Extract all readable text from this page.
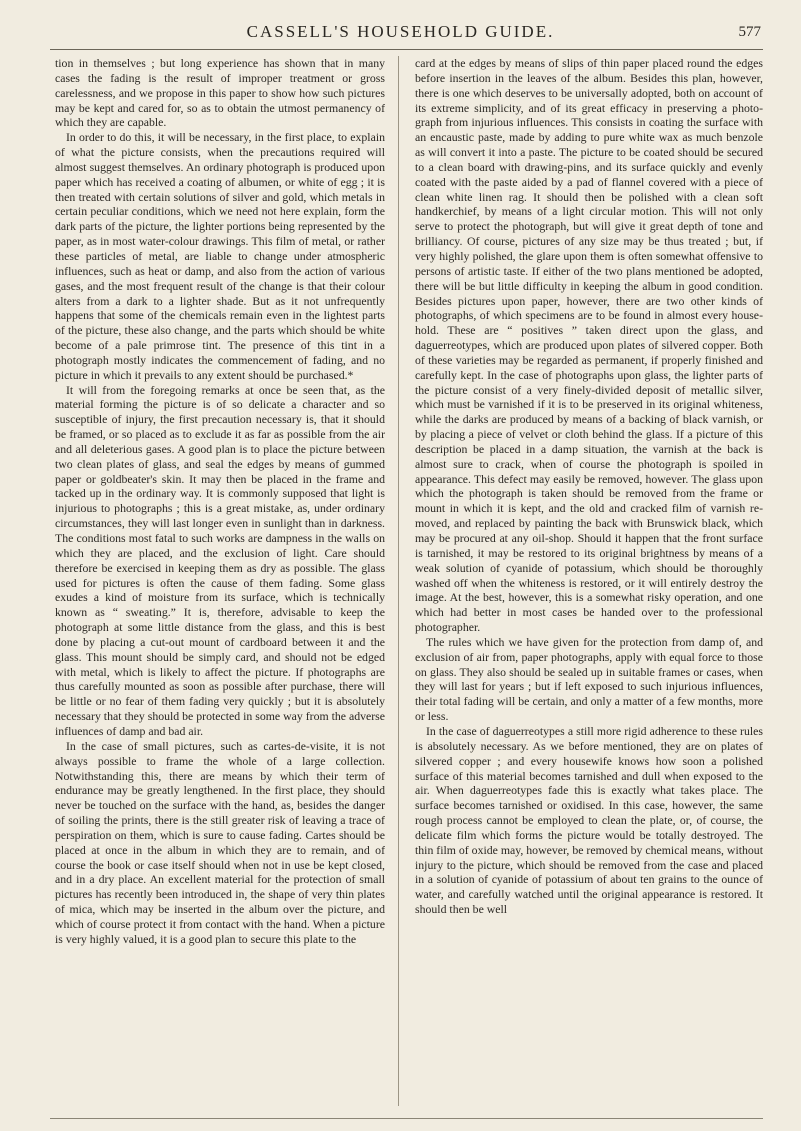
CASSELL'S HOUSEHOLD GUIDE.	577

tion in themselves ; but long experience has shown that in many cases the fading is the result of improper treatment or gross carelessness, and we propose in this paper to show how such pictures may be kept and cared for, so as to obtain the utmost permanency of which they are capable.

In order to do this, it will be necessary, in the first place, to explain of what the picture consists, when the precautions required will almost suggest themselves. An ordinary photograph is produced upon paper which has received a coating of albumen, or white of egg ; it is then treated with certain solutions of silver and gold, which metals in certain peculiar conditions, which we need not here explain, form the dark parts of the picture, the lighter portions being represented by the paper, as in most water-colour drawings. This film of metal, or rather these particles of metal, are liable to change under atmospheric influences, such as heat or damp, and also from the action of various gases, and the most frequent result of the change is that their colour alters from a dark to a lighter shade. But as it not unfrequently happens that some of the chemicals remain even in the lightest parts of the picture, these also change, and the parts which should be white become of a pale primrose tint. The presence of this tint in a photograph mostly indicates the commencement of fading, and no picture in which it prevails to any extent should be purchased.*

It will from the foregoing remarks at once be seen that, as the material forming the picture is of so delicate a character and so susceptible of injury, the first precaution necessary is, that it should be framed, or so placed as to exclude it as far as possible from the air and all deleterious gases. A good plan is to place the picture between two clean plates of glass, and seal the edges by means of gummed paper or goldbeater's skin. It may then be placed in the frame and tacked up in the ordinary way. It is commonly supposed that light is injurious to photographs ; this is a great mistake, as, under ordinary circumstances, they will last longer even in sunlight than in darkness. The conditions most fatal to such works are dampness in the walls on which they are placed, and the exclusion of light. Care should therefore be exercised in keeping them as dry as possible. The glass used for pictures is often the cause of them fading. Some glass exudes a kind of moisture from its surface, which is technically known as “ sweating.” It is, therefore, advisable to keep the photograph at some little distance from the glass, and this is best done by placing a cut-out mount of cardboard between it and the glass. This mount should be simply card, and should not be edged with metal, which is likely to affect the picture. If photographs are thus carefully mounted as soon as possible after purchase, there will be little or no fear of them fading very quickly ; but it is absolutely necessary that they should be protected in some way from the adverse influences of damp and bad air.

In the case of small pictures, such as cartes-de-visite, it is not always possible to frame the whole of a large collection. Notwithstanding this, there are means by which their term of endurance may be greatly lengthened. In the first place, they should never be touched on the surface with the hand, as, besides the danger of soiling the prints, there is the still greater risk of leaving a trace of perspiration on them, which is sure to cause fading. Cartes should be placed at once in the album in which they are to remain, and of course the book or case itself should when not in use be kept closed, and in a dry place. An excellent material for the protection of small pictures has recently been introduced in, the shape of very thin plates of mica, which may be inserted in the album over the picture, and which of course protect it from contact with the hand. When a picture is very highly valued, it is a good plan to secure this plate to the

card at the edges by means of slips of thin paper placed round the edges before insertion in the leaves of the album. Besides this plan, however, there is one which deserves to be universally adopted, both on account of its extreme simplicity, and of its great efficacy in preserving a photograph from injurious influences. This consists in coating the surface with an encaustic paste, made by adding to pure white wax as much benzole as will convert it into a paste. The picture to be coated should be secured to a clean board with drawing-pins, and its surface quickly and evenly coated with the paste aided by a pad of flannel covered with a piece of clean white linen rag. It should then be polished with a clean soft handkerchief, by means of a light circular motion. This will not only serve to protect the photograph, but will give it great depth of tone and brilliancy. Of course, pictures of any size may be thus treated ; but, if very highly polished, the glare upon them is often somewhat offensive to persons of artistic taste. If either of the two plans mentioned be adopted, there will be but little difficulty in keeping the album in good condition. Besides pictures upon paper, however, there are two other kinds of photographs, of which specimens are to be found in almost every household. These are “ positives ” taken direct upon the glass, and daguerreotypes, which are produced upon plates of silvered copper. Both of these varieties may be regarded as permanent, if properly finished and carefully kept. In the case of photographs upon glass, the lighter parts of the picture consist of a very finely-divided deposit of metallic silver, which must be varnished if it is to be preserved in its original whiteness, while the darks are produced by means of a backing of black varnish, or by placing a piece of velvet or cloth behind the glass. If a picture of this description be placed in a damp situation, the varnish at the back is almost sure to crack, when of course the photograph is spoiled in appearance. This defect may easily be removed, however. The glass upon which the photograph is taken should be removed from the frame or mount in which it is kept, and the old and cracked film of varnish removed, and replaced by painting the back with Brunswick black, which may be procured at any oil-shop. Should it happen that the front surface is tarnished, it may be restored to its original brightness by means of a weak solution of cyanide of potassium, which should be thoroughly washed off when the whiteness is restored, or it will entirely destroy the image. At the best, however, this is a somewhat risky operation, and one which had better in most cases be handed over to the professional photographer.

The rules which we have given for the protection from damp of, and exclusion of air from, paper photographs, apply with equal force to those on glass. They also should be sealed up in suitable frames or cases, when they will last for years ; but if left exposed to such injurious influences, their total fading will be certain, and only a matter of a few months, more or less.

In the case of daguerreotypes a still more rigid adherence to these rules is absolutely necessary. As we before mentioned, they are on plates of silvered copper ; and every housewife knows how soon a polished surface of this material becomes tarnished and dull when exposed to the air. When daguerreotypes fade this is exactly what takes place. The surface becomes tarnished or oxidised. In this case, however, the same rough process cannot be employed to clean the plate, or, of course, the delicate film which forms the picture would be totally destroyed. The thin film of oxide may, however, be removed by chemical means, without injury to the picture, which should be removed from the case and placed in a solution of cyanide of potassium of about ten grains to the ounce of water, and carefully watched until the original appearance is restored. It should then be well
